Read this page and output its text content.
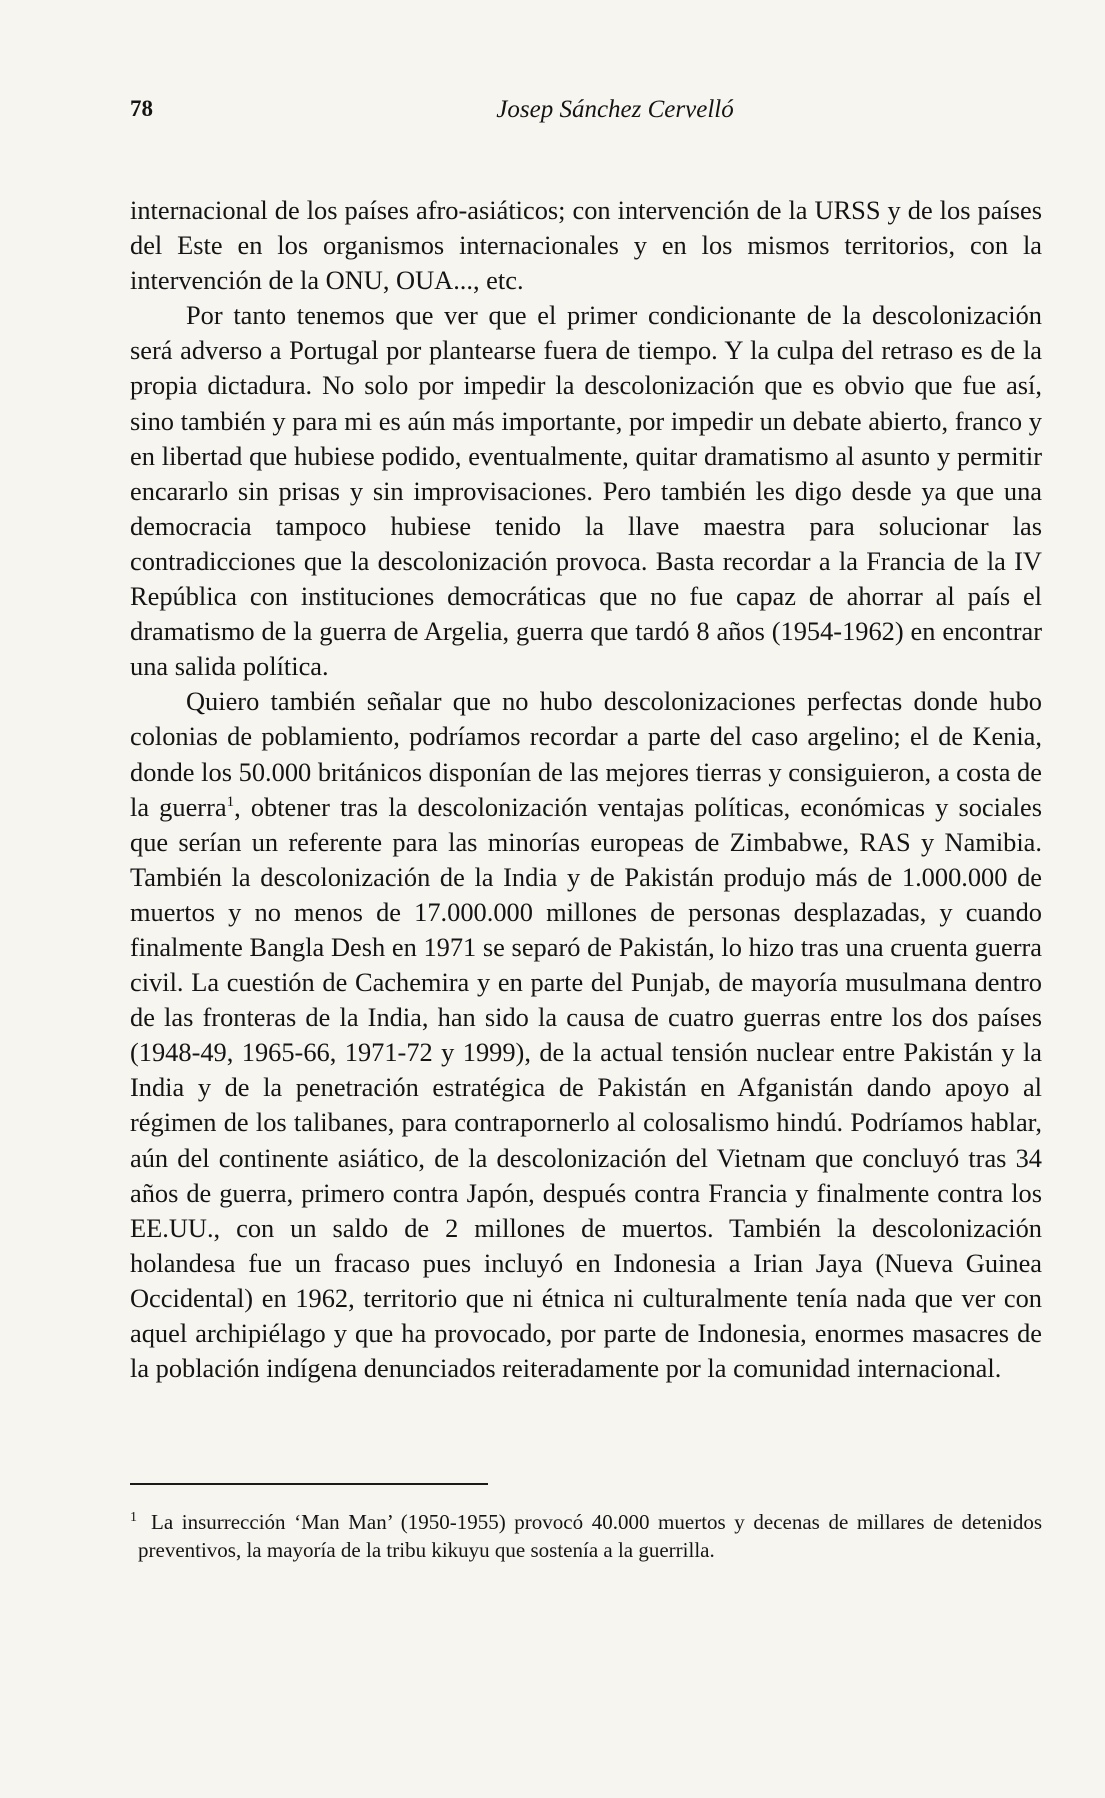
78	Josep Sánchez Cervelló

internacional de los países afro-asiáticos; con intervención de la URSS y de los países del Este en los organismos internacionales y en los mismos territorios, con la intervención de la ONU, OUA..., etc.

Por tanto tenemos que ver que el primer condicionante de la descolonización será adverso a Portugal por plantearse fuera de tiempo. Y la culpa del retraso es de la propia dictadura. No solo por impedir la descolonización que es obvio que fue así, sino también y para mi es aún más importante, por impedir un debate abierto, franco y en libertad que hubiese podido, eventualmente, quitar dramatismo al asunto y permitir encararlo sin prisas y sin improvisaciones. Pero también les digo desde ya que una democracia tampoco hubiese tenido la llave maestra para solucionar las contradicciones que la descolonización provoca. Basta recordar a la Francia de la IV República con instituciones democráticas que no fue capaz de ahorrar al país el dramatismo de la guerra de Argelia, guerra que tardó 8 años (1954-1962) en encontrar una salida política.

Quiero también señalar que no hubo descolonizaciones perfectas donde hubo colonias de poblamiento, podríamos recordar a parte del caso argelino; el de Kenia, donde los 50.000 británicos disponían de las mejores tierras y consiguieron, a costa de la guerra$^1$, obtener tras la descolonización ventajas políticas, económicas y sociales que serían un referente para las minorías europeas de Zimbabwe, RAS y Namibia. También la descolonización de la India y de Pakistán produjo más de 1.000.000 de muertos y no menos de 17.000.000 millones de personas desplazadas, y cuando finalmente Bangla Desh en 1971 se separó de Pakistán, lo hizo tras una cruenta guerra civil. La cuestión de Cachemira y en parte del Punjab, de mayoría musulmana dentro de las fronteras de la India, han sido la causa de cuatro guerras entre los dos países (1948-49, 1965-66, 1971-72 y 1999), de la actual tensión nuclear entre Pakistán y la India y de la penetración estratégica de Pakistán en Afganistán dando apoyo al régimen de los talibanes, para contrapornerlo al colosalismo hindú. Podríamos hablar, aún del continente asiático, de la descolonización del Vietnam que concluyó tras 34 años de guerra, primero contra Japón, después contra Francia y finalmente contra los EE.UU., con un saldo de 2 millones de muertos. También la descolonización holandesa fue un fracaso pues incluyó en Indonesia a Irian Jaya (Nueva Guinea Occidental) en 1962, territorio que ni étnica ni culturalmente tenía nada que ver con aquel archipiélago y que ha provocado, por parte de Indonesia, enormes masacres de la población indígena denunciados reiteradamente por la comunidad internacional.

$^1$ La insurrección ‘Man Man’ (1950-1955) provocó 40.000 muertos y decenas de millares de detenidos preventivos, la mayoría de la tribu kikuyu que sostenía a la guerrilla.
